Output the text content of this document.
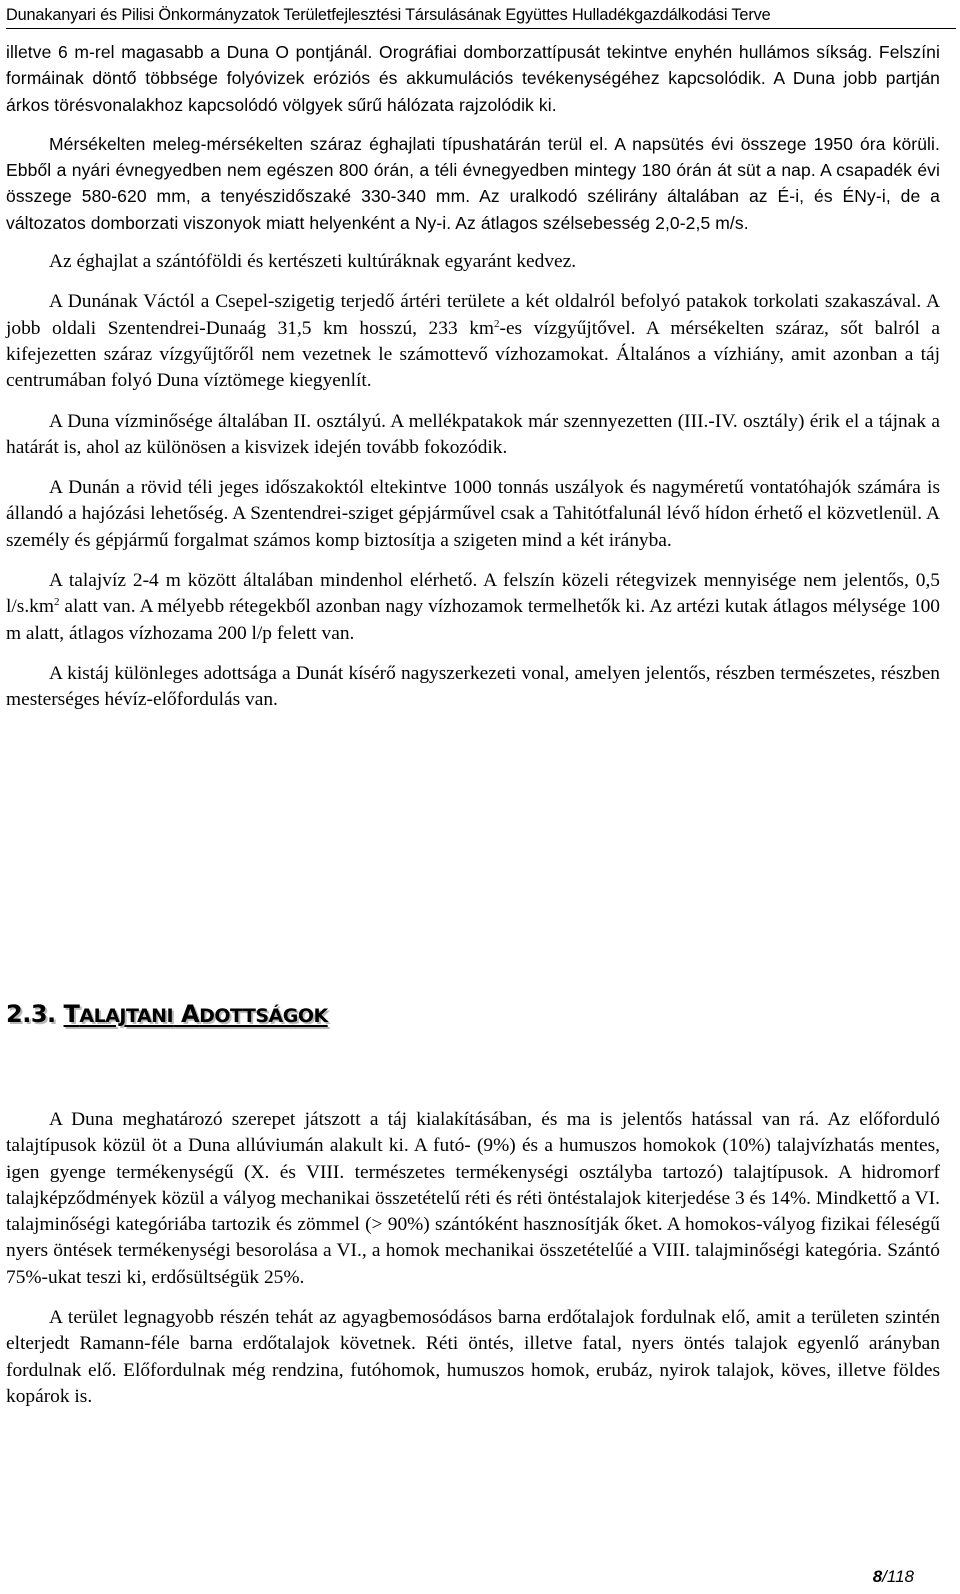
Dunakanyari és Pilisi Önkormányzatok Területfejlesztési Társulásának Együttes Hulladékgazdálkodási Terve

illetve 6 m-rel magasabb a Duna O pontjánál. Orográfiai domborzattípusát tekintve enyhén hullámos síkság. Felszíni formáinak döntő többsége folyóvizek eróziós és akkumulációs tevékenységéhez kapcsolódik. A Duna jobb partján árkos törésvonalakhoz kapcsolódó völgyek sűrű hálózata rajzolódik ki.

Mérsékelten meleg-mérsékelten száraz éghajlati típushatárán terül el. A napsütés évi összege 1950 óra körüli. Ebből a nyári évnegyedben nem egészen 800 órán, a téli évnegyedben mintegy 180 órán át süt a nap. A csapadék évi összege 580-620 mm, a tenyészidőszaké 330-340 mm. Az uralkodó szélirány általában az É-i, és ÉNy-i, de a változatos domborzati viszonyok miatt helyenként a Ny-i. Az átlagos szélsebesség 2,0-2,5 m/s.

Az éghajlat a szántóföldi és kertészeti kultúráknak egyaránt kedvez.

A Dunának Váctól a Csepel-szigetig terjedő ártéri területe a két oldalról befolyó patakok torkolati szakaszával. A jobb oldali Szentendrei-Dunaág 31,5 km hosszú, 233 $km^2-es$ vízgyűjtővel. A mérsékelten száraz, sőt balról a kifejezetten száraz vízgyűjtőről nem vezetnek le számottevő vízhozamokat. Általános a vízhiány, amit azonban a táj centrumában folyó Duna víztömege kiegyenlít.

A Duna vízminősége általában II. osztályú. A mellékpatakok már szennyezetten (III.-IV. osztály) érik el a tájnak a határát is, ahol az különösen a kisvizek idején tovább fokozódik.

A Dunán a rövid téli jeges időszakoktól eltekintve 1000 tonnás uszályok és nagyméretű vontatóhajók számára is állandó a hajózási lehetőség. A Szentendrei-sziget gépjárművel csak a Tahitótfalunál lévő hídon érhető el közvetlenül. A személy és gépjármű forgalmat számos komp biztosítja a szigeten mind a két irányba.

A talajvíz 2-4 m között általában mindenhol elérhető. A felszín közeli rétegvizek mennyisége nem jelentős, 0,5 $l/s.km^2$ alatt van. A mélyebb rétegekből azonban nagy vízhozamok termelhetők ki. Az artézi kutak átlagos mélysége 100 m alatt, átlagos vízhozama 200 l/p felett van.

A kistáj különleges adottsága a Dunát kísérő nagyszerkezeti vonal, amelyen jelentős, részben természetes, részben mesterséges hévíz-előfordulás van.

2.3. TALAJTANI ADOTTSÁGOK

A Duna meghatározó szerepet játszott a táj kialakításában, és ma is jelentős hatással van rá. Az előforduló talajtípusok közül öt a Duna allúviumán alakult ki. A futó- (9%) és a humuszos homokok (10%) talajvízhatás mentes, igen gyenge termékenységű (X. és VIII. természetes termékenységi osztályba tartozó) talajtípusok. A hidromorf talajképződmények közül a vályog mechanikai összetételű réti és réti öntéstalajok kiterjedése 3 és 14%. Mindkettő a VI. talajminőségi kategóriába tartozik és zömmel (> 90%) szántóként hasznosítják őket. A homokos-vályog fizikai féleségű nyers öntések termékenységi besorolása a VI., a homok mechanikai összetételűé a VIII. talajminőségi kategória. Szántó 75%-ukat teszi ki, erdősültségük 25%.

A terület legnagyobb részén tehát az agyagbemosódásos barna erdőtalajok fordulnak elő, amit a területen szintén elterjedt Ramann-féle barna erdőtalajok követnek. Réti öntés, illetve fatal, nyers öntés talajok egyenlő arányban fordulnak elő. Előfordulnak még rendzina, futóhomok, humuszos homok, erubáz, nyirok talajok, köves, illetve földes kopárok is.

8/118
